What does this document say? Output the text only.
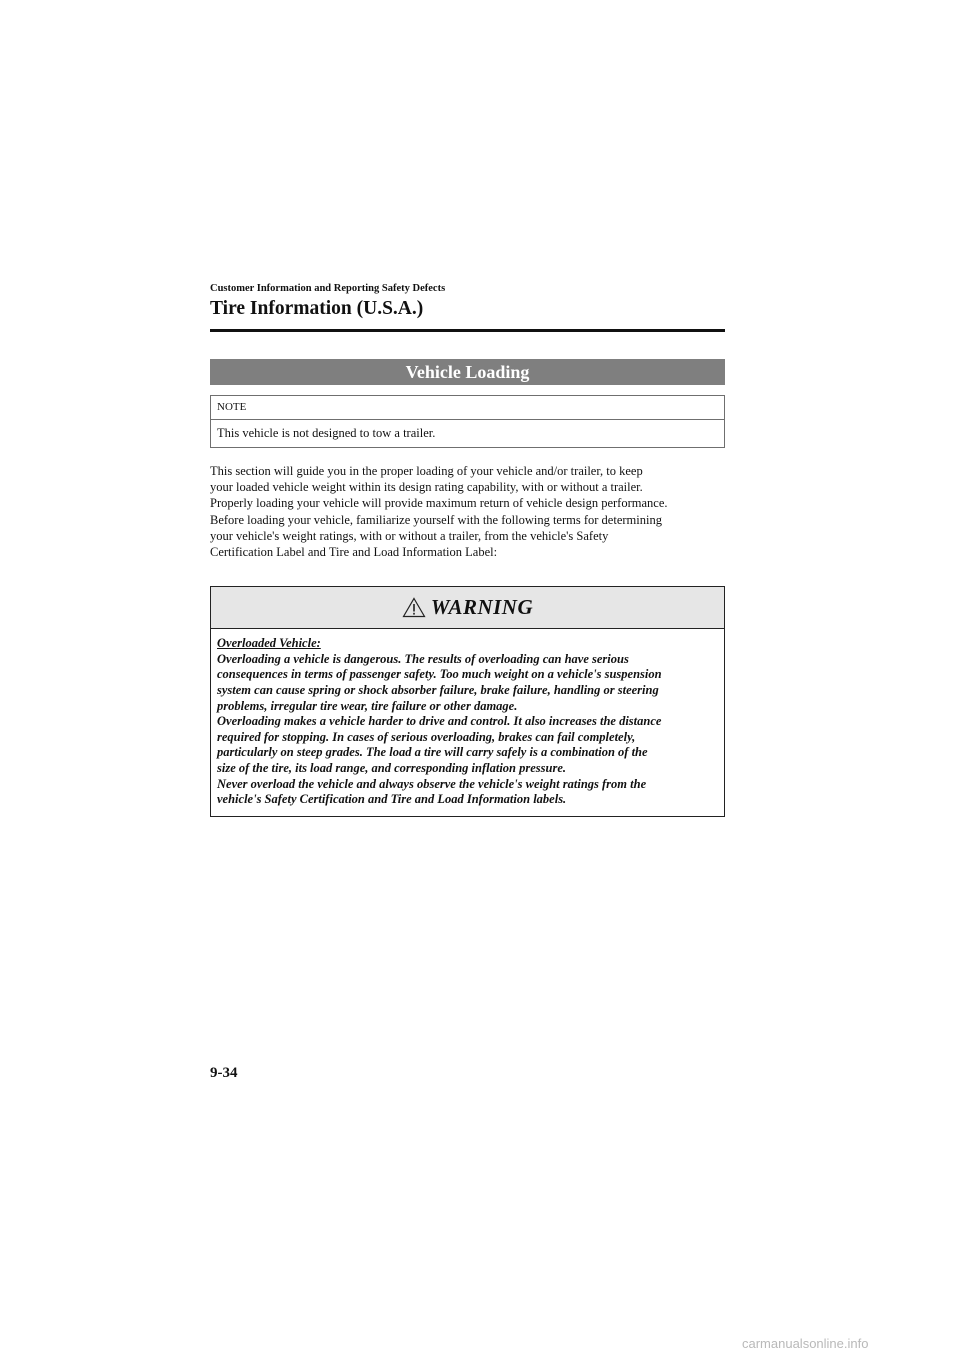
Customer Information and Reporting Safety Defects

Tire Information (U.S.A.)
Vehicle Loading
NOTE
This vehicle is not designed to tow a trailer.

This section will guide you in the proper loading of your vehicle and/or trailer, to keep
your loaded vehicle weight within its design rating capability, with or without a trailer.
Properly loading your vehicle will provide maximum return of vehicle design performance.
Before loading your vehicle, familiarize yourself with the following terms for determining
your vehicle's weight ratings, with or without a trailer, from the vehicle's Safety
Certification Label and Tire and Load Information Label:

WARNING
Overloaded Vehicle:

Overloading a vehicle is dangerous. The results of overloading can have serious
consequences in terms of passenger safety. Too much weight on a vehicle's suspension
system can cause spring or shock absorber failure, brake failure, handling or steering
problems, irregular tire wear, tire failure or other damage.

Overloading makes a vehicle harder to drive and control. It also increases the distance
required for stopping. In cases of serious overloading, brakes can fail completely,
particularly on steep grades. The load a tire will carry safely is a combination of the
size of the tire, its load range, and corresponding inflation pressure.

Never overload the vehicle and always observe the vehicle's weight ratings from the
vehicle's Safety Certification and Tire and Load Information labels.

9-34
carmanualsonline.info
